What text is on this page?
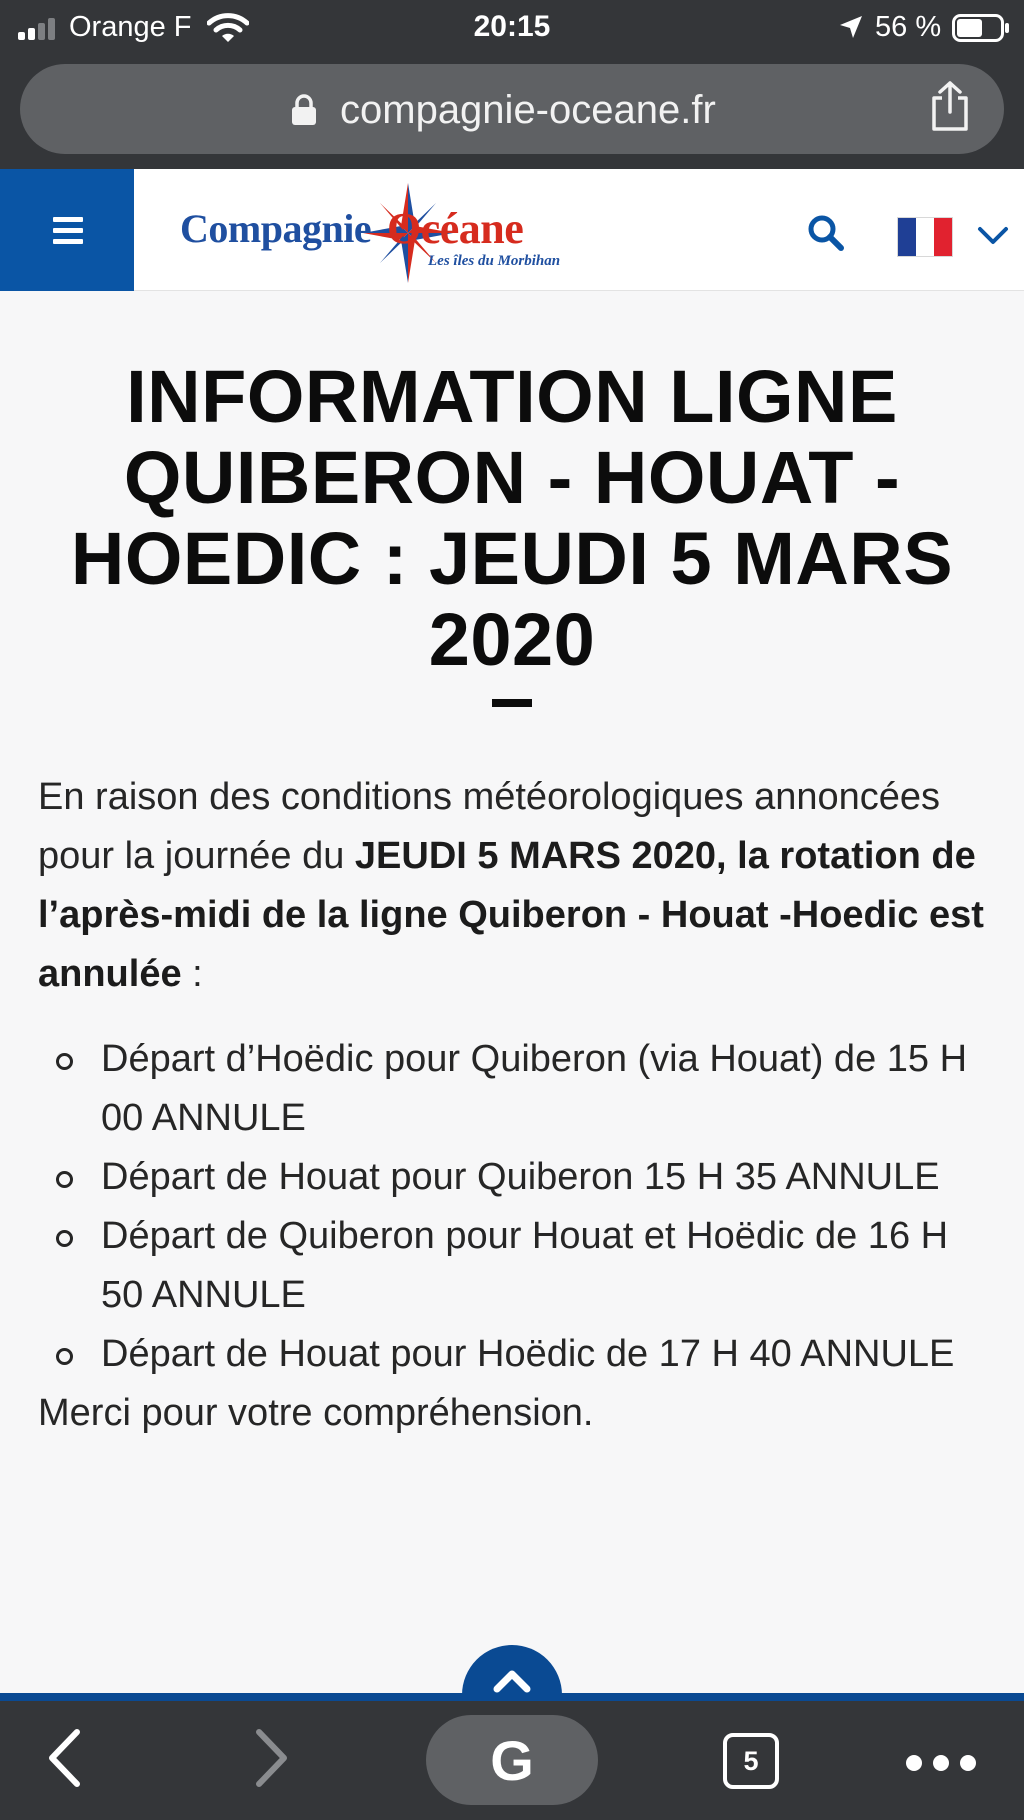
Orange F	20:15	56 %
compagnie-oceane.fr
Compagnie Océane
Les îles du Morbihan
INFORMATION LIGNE QUIBERON - HOUAT - HOEDIC : JEUDI 5 MARS 2020

En raison des conditions météorologiques annoncées pour la journée du JEUDI 5 MARS 2020, la rotation de l’après-midi de la ligne Quiberon - Houat -Hoedic est annulée :

Départ d’Hoëdic pour Quiberon (via Houat) de 15 H 00 ANNULE
Départ de Houat pour Quiberon 15 H 35 ANNULE
Départ de Quiberon pour Houat et Hoëdic de 16 H 50 ANNULE
Départ de Houat pour Hoëdic de 17 H 40 ANNULE

Merci pour votre compréhension.

G	5
